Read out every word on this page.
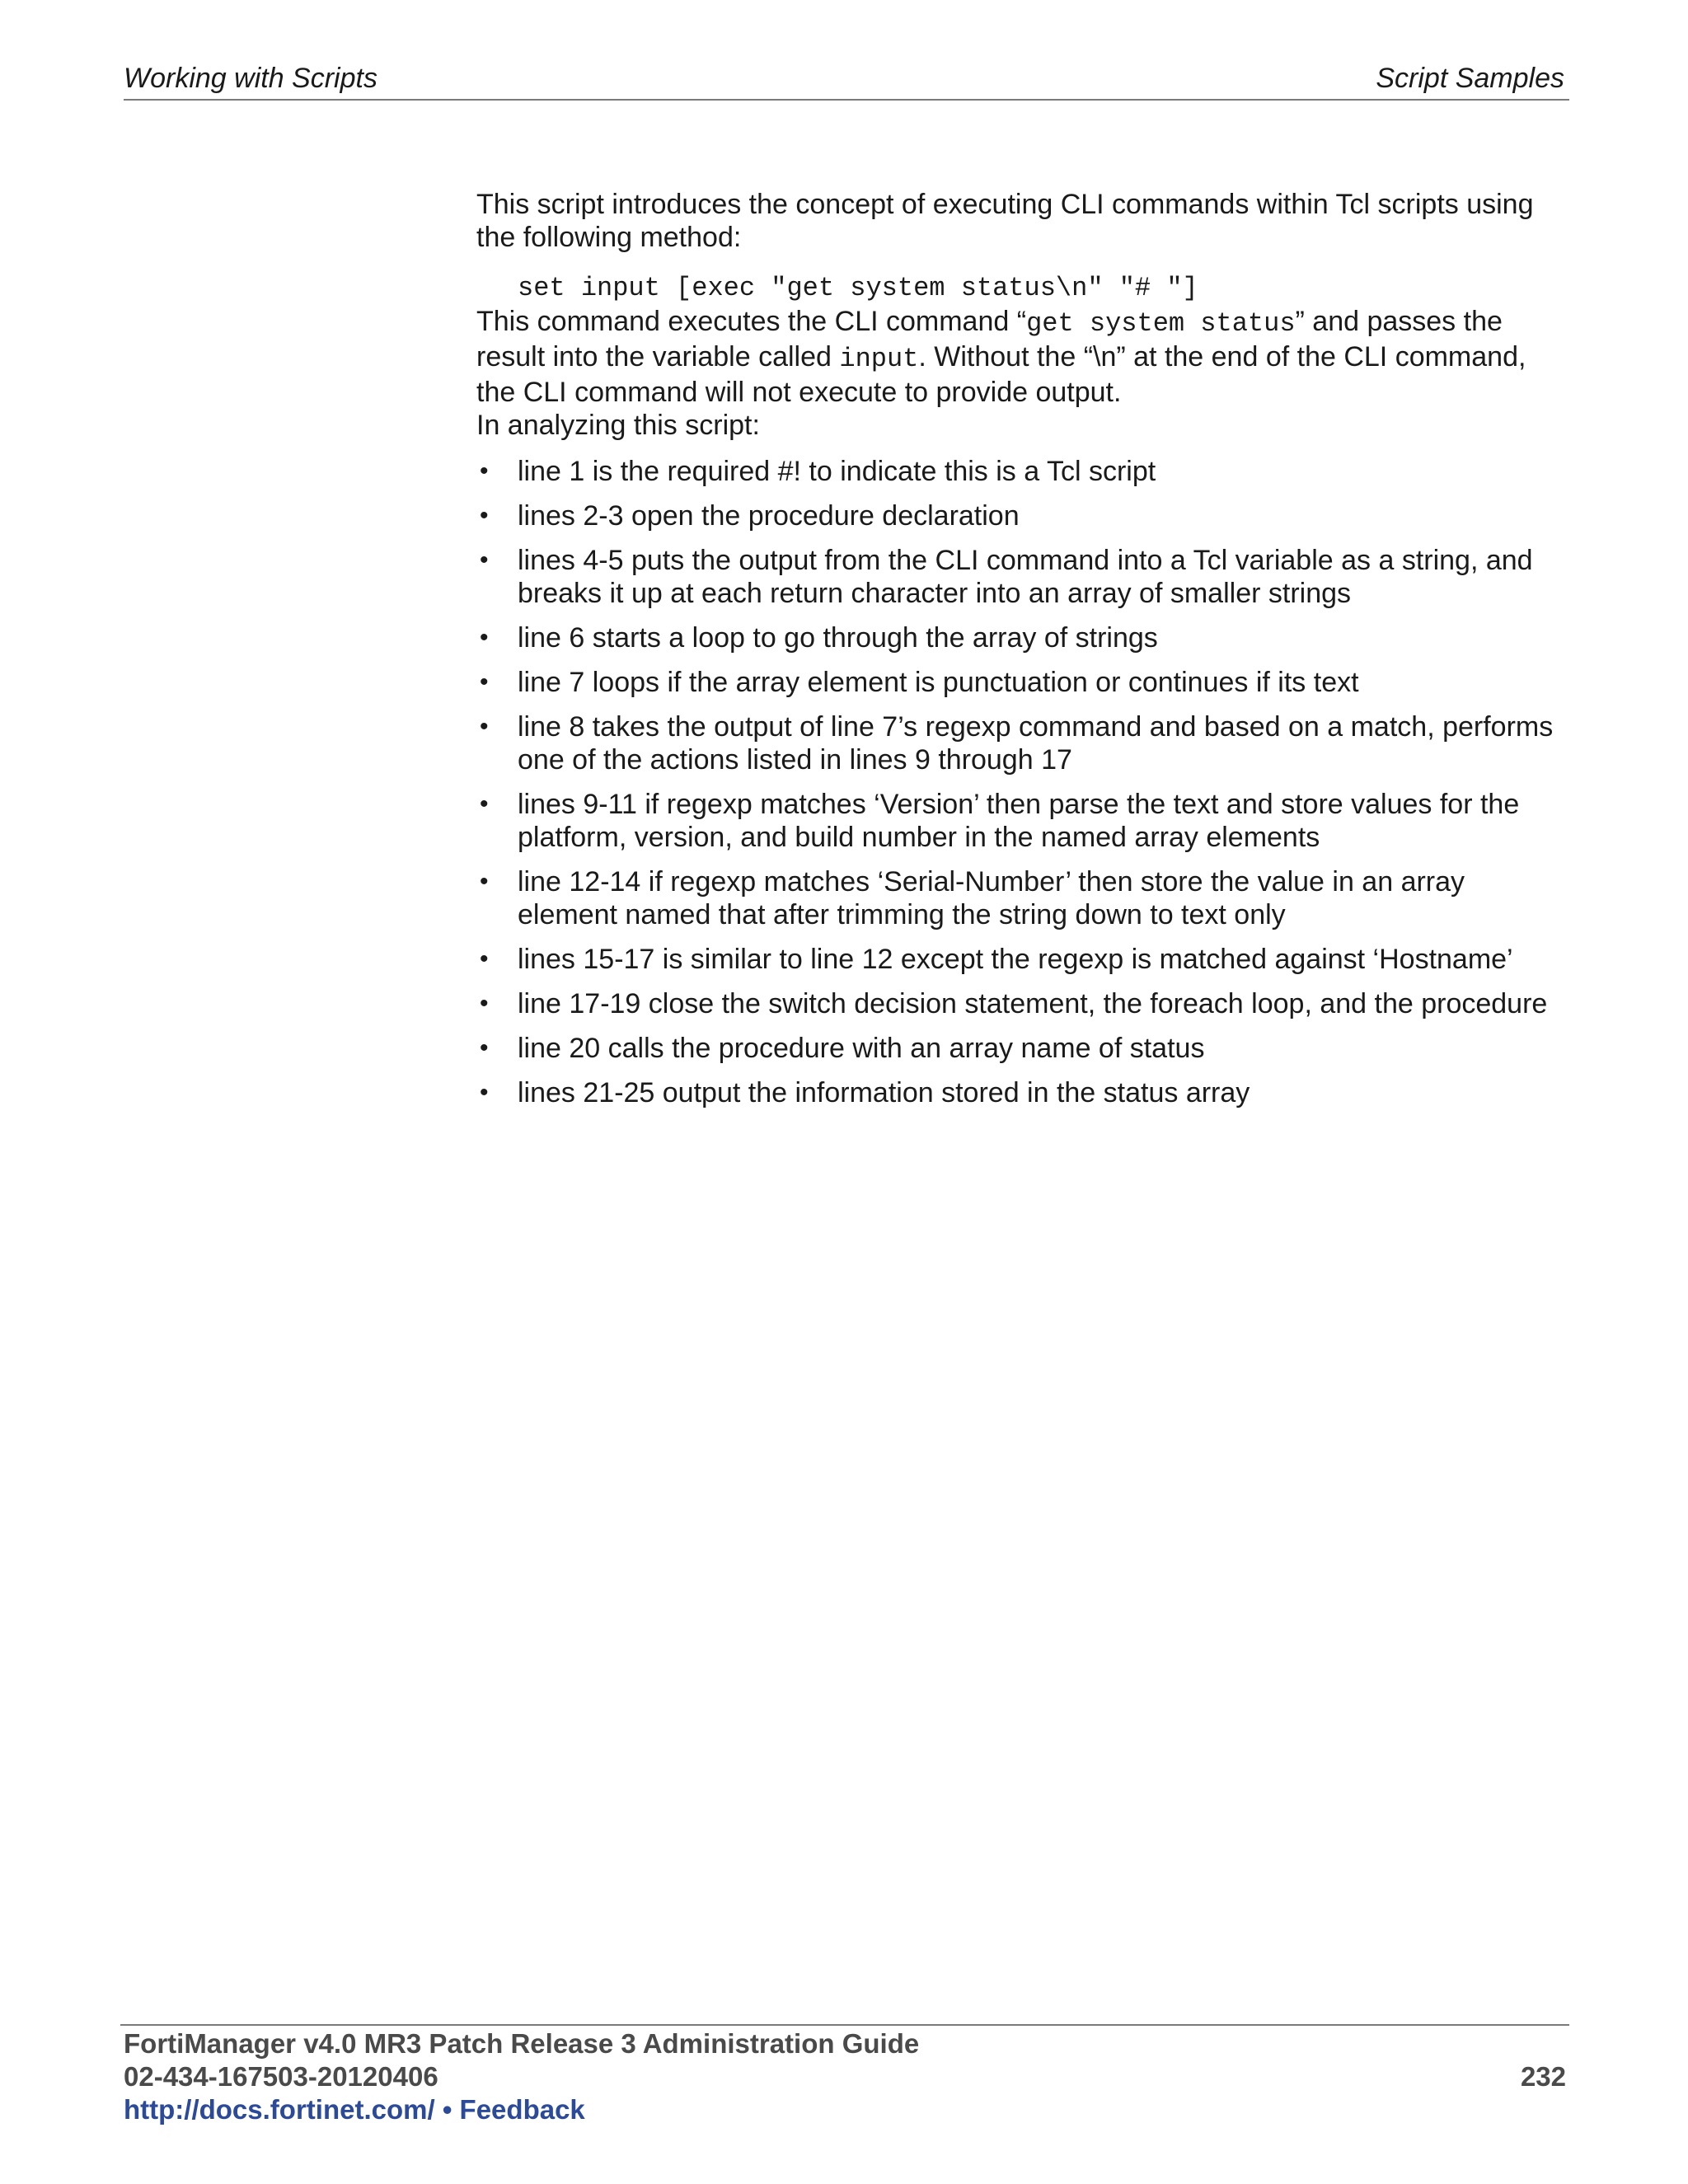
Working with Scripts	Script Samples

This script introduces the concept of executing CLI commands within Tcl scripts using the following method:

set input [exec "get system status\n" "# "]

This command executes the CLI command “get system status” and passes the result into the variable called input. Without the “\n” at the end of the CLI command, the CLI command will not execute to provide output.

In analyzing this script:

• line 1 is the required #! to indicate this is a Tcl script
• lines 2-3 open the procedure declaration
• lines 4-5 puts the output from the CLI command into a Tcl variable as a string, and breaks it up at each return character into an array of smaller strings
• line 6 starts a loop to go through the array of strings
• line 7 loops if the array element is punctuation or continues if its text
• line 8 takes the output of line 7’s regexp command and based on a match, performs one of the actions listed in lines 9 through 17
• lines 9-11 if regexp matches ‘Version’ then parse the text and store values for the platform, version, and build number in the named array elements
• line 12-14 if regexp matches ‘Serial-Number’ then store the value in an array element named that after trimming the string down to text only
• lines 15-17 is similar to line 12 except the regexp is matched against ‘Hostname’
• line 17-19 close the switch decision statement, the foreach loop, and the procedure
• line 20 calls the procedure with an array name of status
• lines 21-25 output the information stored in the status array
FortiManager v4.0 MR3 Patch Release 3 Administration Guide
02-434-167503-20120406	232
http://docs.fortinet.com/ • Feedback
